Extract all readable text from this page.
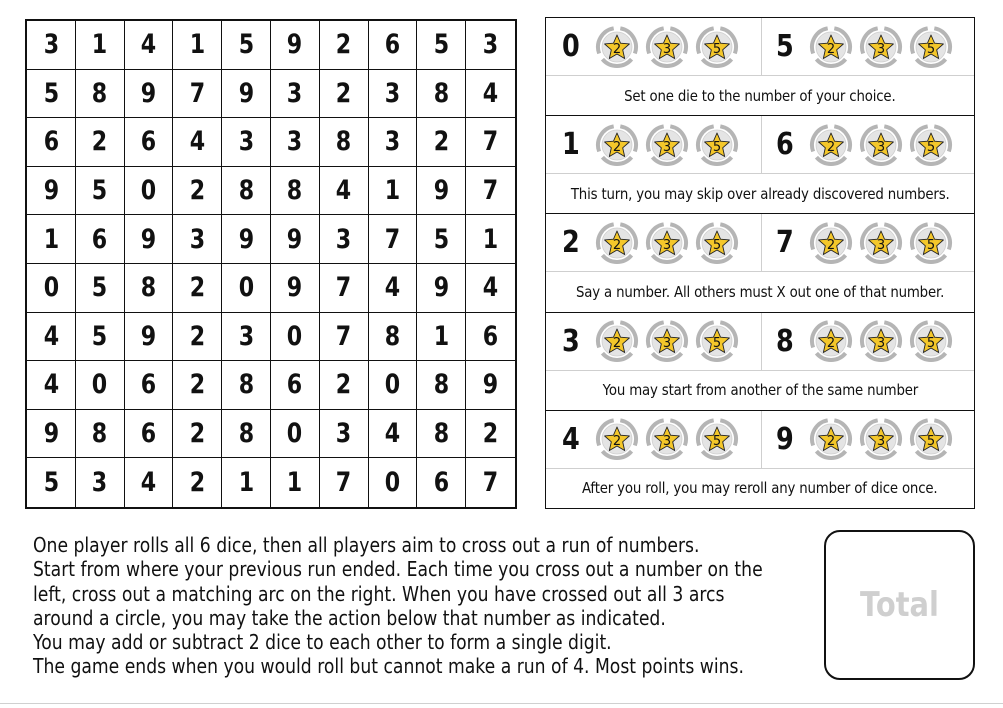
3 1 4 1 5 9 2 6 5 3
5 8 9 7 9 3 2 3 8 4
6 2 6 4 3 3 8 3 2 7
9 5 0 2 8 8 4 1 9 7
1 6 9 3 9 9 3 7 5 1
0 5 8 2 0 9 7 4 9 4
4 5 9 2 3 0 7 8 1 6
4 0 6 2 8 6 2 0 8 9
9 8 6 2 8 0 3 4 8 2
5 3 4 2 1 1 7 0 6 7
0	2	3	5 5	2	3	5
Set one die to the number of your choice.
1	2	3	5 6	2	3	5
This turn, you may skip over already discovered numbers.
2	2	3	5 7	2	3	5
Say a number. All others must X out one of that number.
3	2	3	5 8	2	3	5
You may start from another of the same number
4	2	3	5 9	2	3	5
After you roll, you may reroll any number of dice once.
One player rolls all 6 dice, then all players aim to cross out a run of numbers.
Start from where your previous run ended. Each time you cross out a number on the
left, cross out a matching arc on the right. When you have crossed out all 3 arcs
around a circle, you may take the action below that number as indicated.
You may add or subtract 2 dice to each other to form a single digit.
The game ends when you would roll but cannot make a run of 4. Most points wins.
Total
